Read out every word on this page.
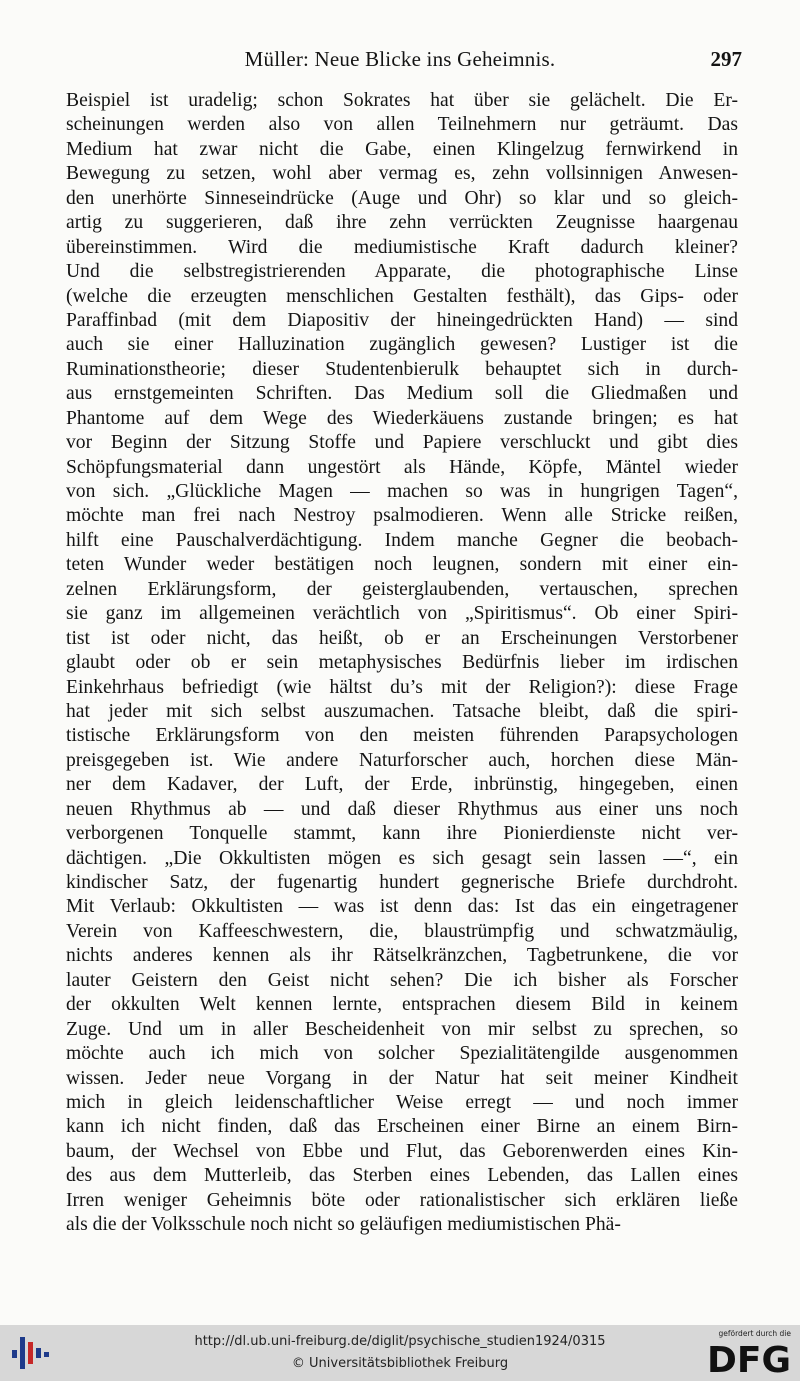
Müller: Neue Blicke ins Geheimnis.	297
Beispiel ist uradelig; schon Sokrates hat über sie gelächelt. Die Er-
scheinungen werden also von allen Teilnehmern nur geträumt. Das
Medium hat zwar nicht die Gabe, einen Klingelzug fernwirkend in
Bewegung zu setzen, wohl aber vermag es, zehn vollsinnigen Anwesen-
den unerhörte Sinneseindrücke (Auge und Ohr) so klar und so gleich-
artig zu suggerieren, daß ihre zehn verrückten Zeugnisse haargenau
übereinstimmen. Wird die mediumistische Kraft dadurch kleiner?
Und die selbstregistrierenden Apparate, die photographische Linse
(welche die erzeugten menschlichen Gestalten festhält), das Gips- oder
Paraffinbad (mit dem Diapositiv der hineingedrückten Hand) — sind
auch sie einer Halluzination zugänglich gewesen? Lustiger ist die
Ruminationstheorie; dieser Studentenbierulk behauptet sich in durch-
aus ernstgemeinten Schriften. Das Medium soll die Gliedmaßen und
Phantome auf dem Wege des Wiederkäuens zustande bringen; es hat
vor Beginn der Sitzung Stoffe und Papiere verschluckt und gibt dies
Schöpfungsmaterial dann ungestört als Hände, Köpfe, Mäntel wieder
von sich. „Glückliche Magen — machen so was in hungrigen Tagen“,
möchte man frei nach Nestroy psalmodieren. Wenn alle Stricke reißen,
hilft eine Pauschalverdächtigung. Indem manche Gegner die beobach-
teten Wunder weder bestätigen noch leugnen, sondern mit einer ein-
zelnen Erklärungsform, der geisterglaubenden, vertauschen, sprechen
sie ganz im allgemeinen verächtlich von „Spiritismus“. Ob einer Spiri-
tist ist oder nicht, das heißt, ob er an Erscheinungen Verstorbener
glaubt oder ob er sein metaphysisches Bedürfnis lieber im irdischen
Einkehrhaus befriedigt (wie hältst du’s mit der Religion?): diese Frage
hat jeder mit sich selbst auszumachen. Tatsache bleibt, daß die spiri-
tistische Erklärungsform von den meisten führenden Parapsychologen
preisgegeben ist. Wie andere Naturforscher auch, horchen diese Män-
ner dem Kadaver, der Luft, der Erde, inbrünstig, hingegeben, einen
neuen Rhythmus ab — und daß dieser Rhythmus aus einer uns noch
verborgenen Tonquelle stammt, kann ihre Pionierdienste nicht ver-
dächtigen. „Die Okkultisten mögen es sich gesagt sein lassen —“, ein
kindischer Satz, der fugenartig hundert gegnerische Briefe durchdroht.
Mit Verlaub: Okkultisten — was ist denn das: Ist das ein eingetragener
Verein von Kaffeeschwestern, die, blaustrümpfig und schwatzmäulig,
nichts anderes kennen als ihr Rätselkränzchen, Tagbetrunkene, die vor
lauter Geistern den Geist nicht sehen? Die ich bisher als Forscher
der okkulten Welt kennen lernte, entsprachen diesem Bild in keinem
Zuge. Und um in aller Bescheidenheit von mir selbst zu sprechen, so
möchte auch ich mich von solcher Spezialitätengilde ausgenommen
wissen. Jeder neue Vorgang in der Natur hat seit meiner Kindheit
mich in gleich leidenschaftlicher Weise erregt — und noch immer
kann ich nicht finden, daß das Erscheinen einer Birne an einem Birn-
baum, der Wechsel von Ebbe und Flut, das Geborenwerden eines Kin-
des aus dem Mutterleib, das Sterben eines Lebenden, das Lallen eines
Irren weniger Geheimnis böte oder rationalistischer sich erklären ließe
als die der Volksschule noch nicht so geläufigen mediumistischen Phä-
http://dl.ub.uni-freiburg.de/diglit/psychische_studien1924/0315
© Universitätsbibliothek Freiburg
gefördert durch die
DFG
